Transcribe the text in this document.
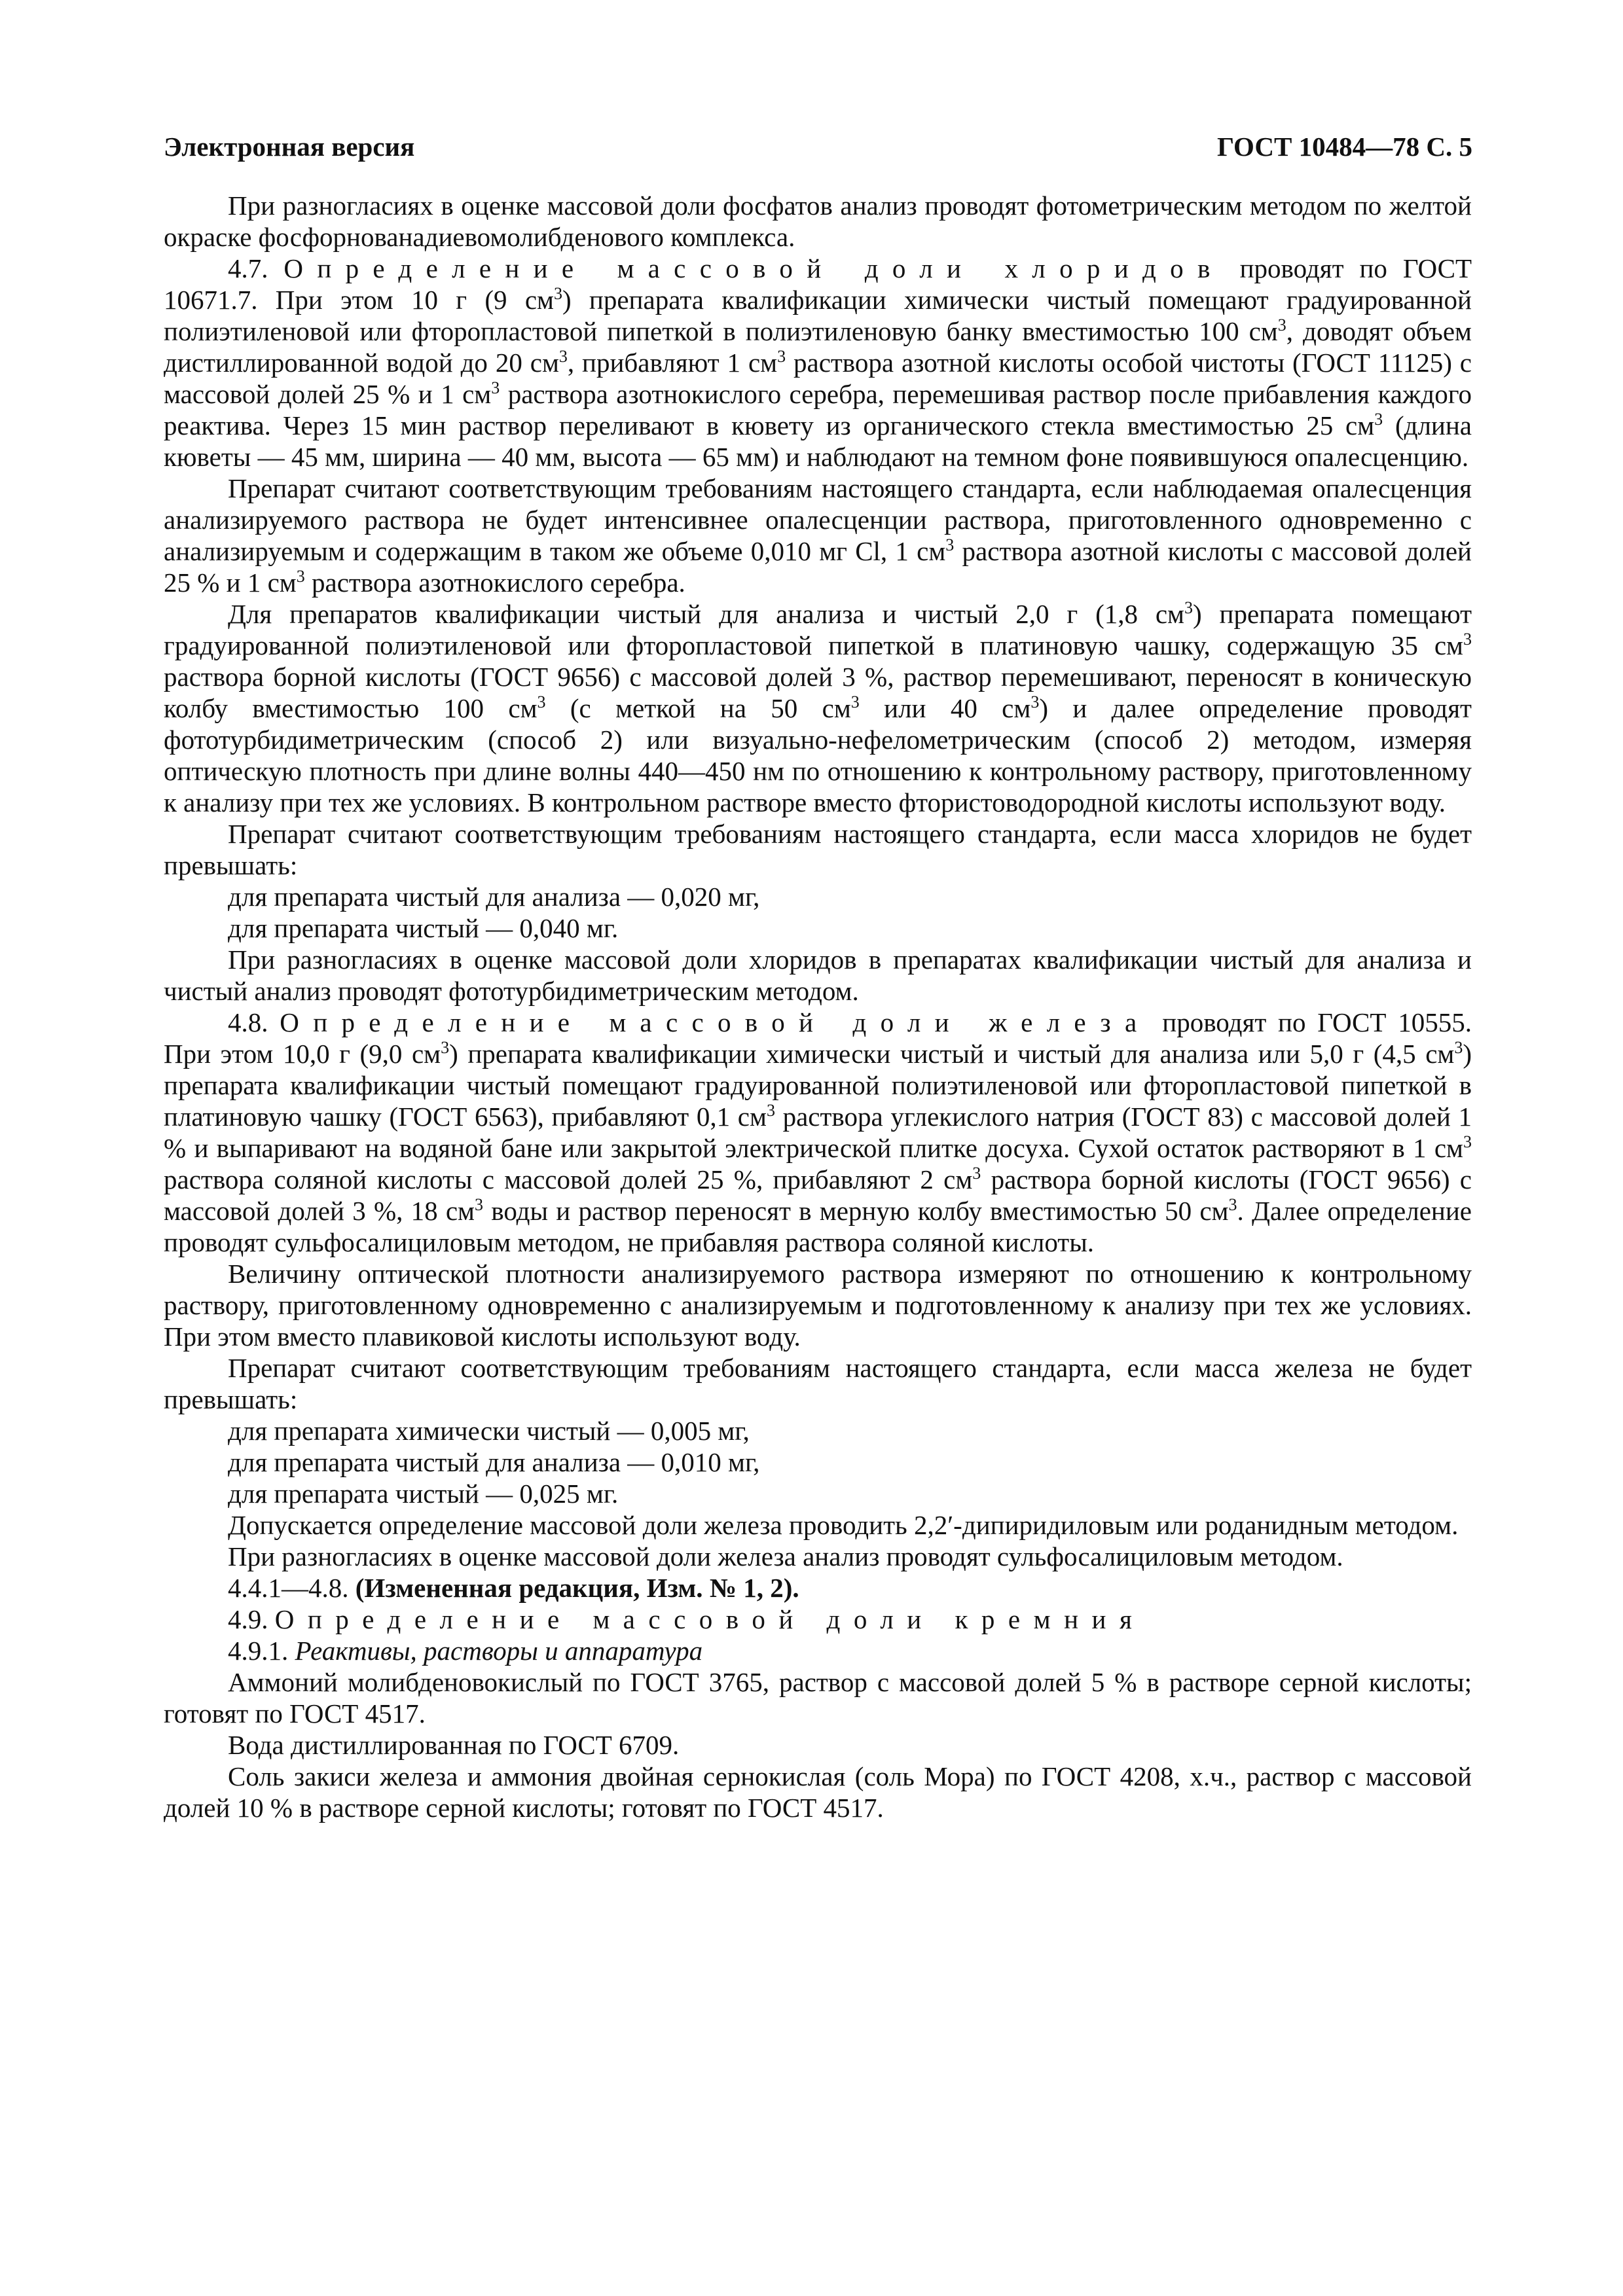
Электронная версия	ГОСТ 10484—78 С. 5

При разногласиях в оценке массовой доли фосфатов анализ проводят фотометрическим методом по желтой окраске фосфорнованадиевомолибденового комплекса.

4.7. Определение массовой доли хлоридов проводят по ГОСТ 10671.7. При этом 10 г (9 $см^3$) препарата квалификации химически чистый помещают градуированной полиэтиленовой или фторопластовой пипеткой в полиэтиленовую банку вместимостью 100 $см^3$, доводят объем дистиллированной водой до 20 $см^3$, прибавляют 1 $см^3$ раствора азотной кислоты особой чистоты (ГОСТ 11125) с массовой долей 25 % и 1 $см^3$ раствора азотнокислого серебра, перемешивая раствор после прибавления каждого реактива. Через 15 мин раствор переливают в кювету из органического стекла вместимостью 25 $см^3$ (длина кюветы — 45 мм, ширина — 40 мм, высота — 65 мм) и наблюдают на темном фоне появившуюся опалесценцию.

Препарат считают соответствующим требованиям настоящего стандарта, если наблюдаемая опалесценция анализируемого раствора не будет интенсивнее опалесценции раствора, приготовленного одновременно с анализируемым и содержащим в таком же объеме 0,010 мг Cl, 1 $см^3$ раствора азотной кислоты с массовой долей 25 % и 1 $см^3$ раствора азотнокислого серебра.

Для препаратов квалификации чистый для анализа и чистый 2,0 г (1,8 $см^3$) препарата помещают градуированной полиэтиленовой или фторопластовой пипеткой в платиновую чашку, содержащую 35 $см^3$ раствора борной кислоты (ГОСТ 9656) с массовой долей 3 %, раствор перемешивают, переносят в коническую колбу вместимостью 100 $см^3$ (с меткой на 50 $см^3$ или 40 $см^3$) и далее определение проводят фототурбидиметрическим (способ 2) или визуально-нефелометрическим (способ 2) методом, измеряя оптическую плотность при длине волны 440—450 нм по отношению к контрольному раствору, приготовленному к анализу при тех же условиях. В контрольном растворе вместо фтористоводородной кислоты используют воду.

Препарат считают соответствующим требованиям настоящего стандарта, если масса хлоридов не будет превышать:

для препарата чистый для анализа — 0,020 мг,

для препарата чистый — 0,040 мг.

При разногласиях в оценке массовой доли хлоридов в препаратах квалификации чистый для анализа и чистый анализ проводят фототурбидиметрическим методом.

4.8. Определение массовой доли железа проводят по ГОСТ 10555. При этом 10,0 г (9,0 $см^3$) препарата квалификации химически чистый и чистый для анализа или 5,0 г (4,5 $см^3$) препарата квалификации чистый помещают градуированной полиэтиленовой или фторопластовой пипеткой в платиновую чашку (ГОСТ 6563), прибавляют 0,1 $см^3$ раствора углекислого натрия (ГОСТ 83) с массовой долей 1 % и выпаривают на водяной бане или закрытой электрической плитке досуха. Сухой остаток растворяют в 1 $см^3$ раствора соляной кислоты с массовой долей 25 %, прибавляют 2 $см^3$ раствора борной кислоты (ГОСТ 9656) с массовой долей 3 %, 18 $см^3$ воды и раствор переносят в мерную колбу вместимостью 50 $см^3$. Далее определение проводят сульфосалициловым методом, не прибавляя раствора соляной кислоты.

Величину оптической плотности анализируемого раствора измеряют по отношению к контрольному раствору, приготовленному одновременно с анализируемым и подготовленному к анализу при тех же условиях. При этом вместо плавиковой кислоты используют воду.

Препарат считают соответствующим требованиям настоящего стандарта, если масса железа не будет превышать:

для препарата химически чистый — 0,005 мг,

для препарата чистый для анализа — 0,010 мг,

для препарата чистый — 0,025 мг.

Допускается определение массовой доли железа проводить 2,2′-дипиридиловым или роданидным методом.

При разногласиях в оценке массовой доли железа анализ проводят сульфосалициловым методом.

4.4.1—4.8. (Измененная редакция, Изм. № 1, 2).

4.9. Определение массовой доли кремния

4.9.1. Реактивы, растворы и аппаратура

Аммоний молибденовокислый по ГОСТ 3765, раствор с массовой долей 5 % в растворе серной кислоты; готовят по ГОСТ 4517.

Вода дистиллированная по ГОСТ 6709.

Соль закиси железа и аммония двойная сернокислая (соль Мора) по ГОСТ 4208, х.ч., раствор с массовой долей 10 % в растворе серной кислоты; готовят по ГОСТ 4517.
